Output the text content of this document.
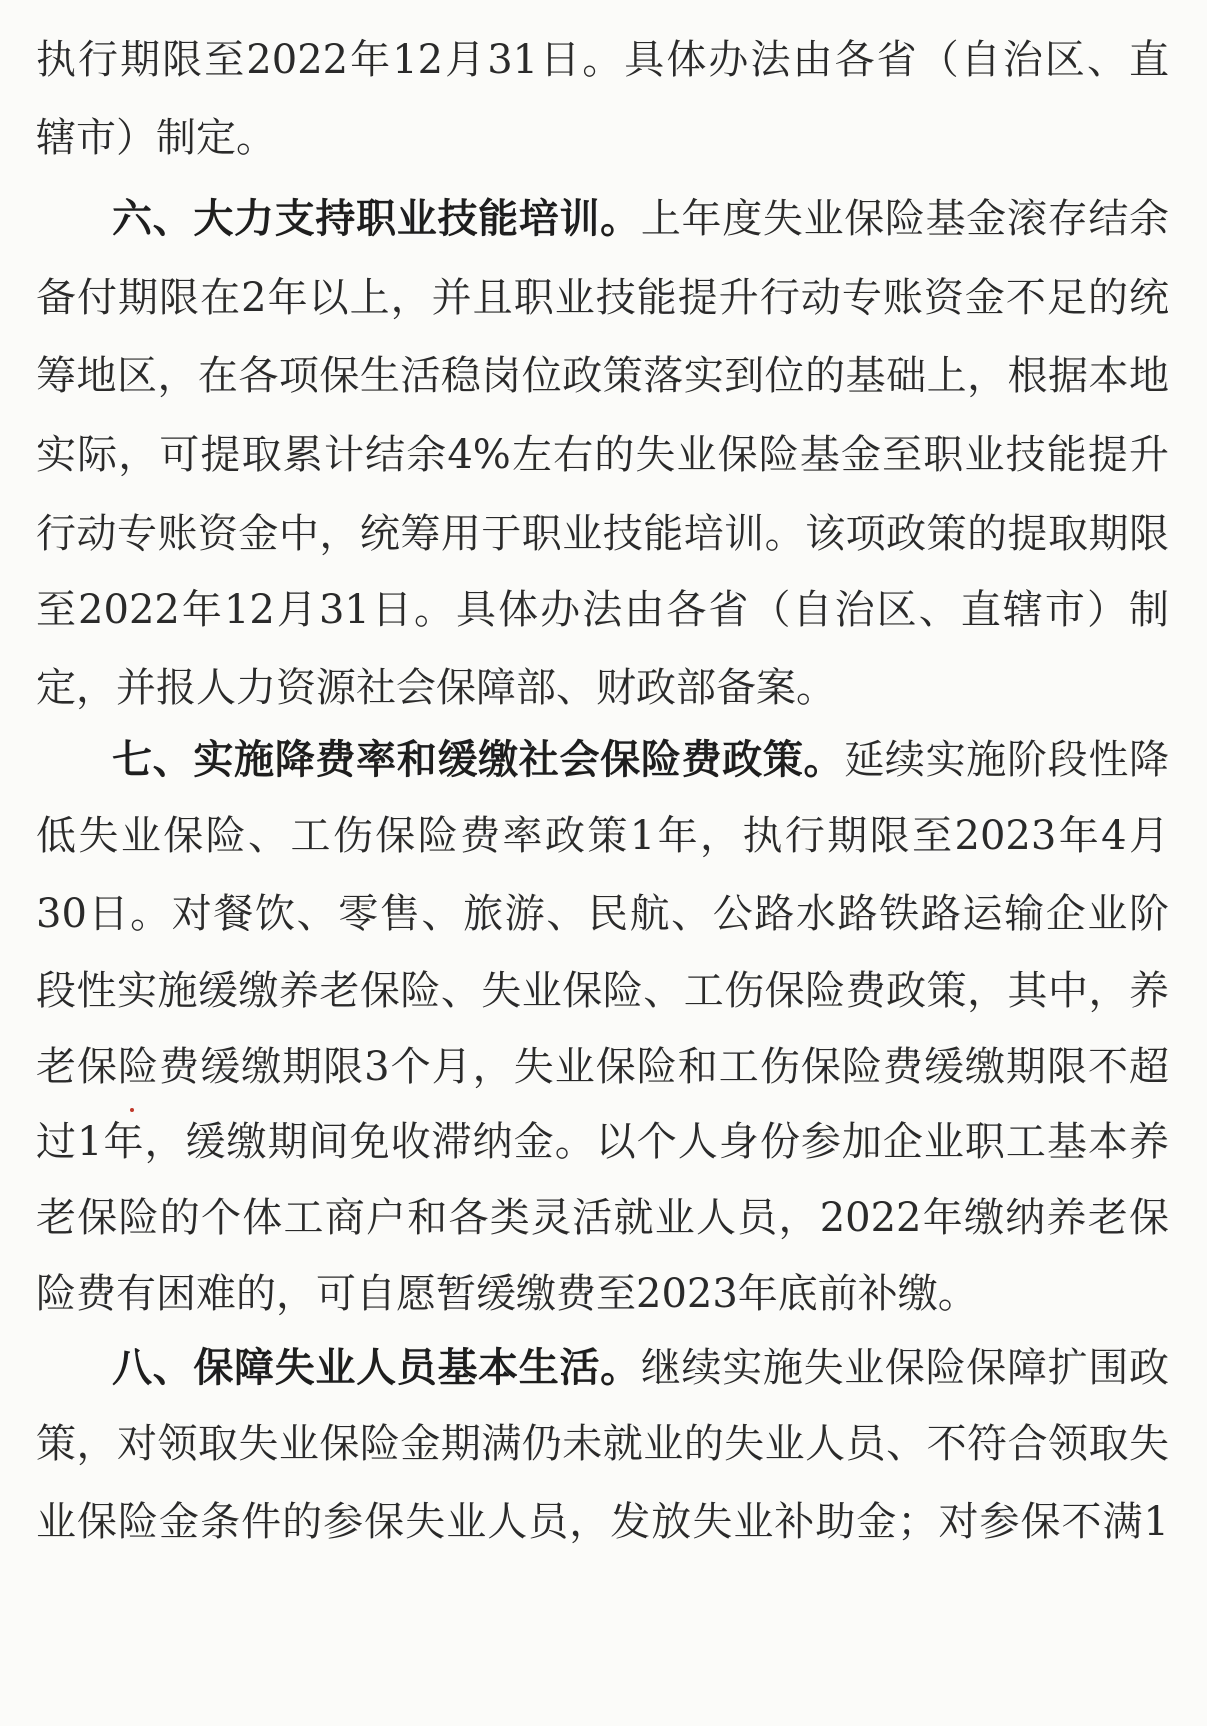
执行期限至2022年12月31日。具体办法由各省（自治区、直
辖市）制定。
六、大力支持职业技能培训。上年度失业保险基金滚存结余
备付期限在2年以上，并且职业技能提升行动专账资金不足的统
筹地区，在各项保生活稳岗位政策落实到位的基础上，根据本地
实际，可提取累计结余4%左右的失业保险基金至职业技能提升
行动专账资金中，统筹用于职业技能培训。该项政策的提取期限
至2022年12月31日。具体办法由各省（自治区、直辖市）制
定，并报人力资源社会保障部、财政部备案。
七、实施降费率和缓缴社会保险费政策。延续实施阶段性降
低失业保险、工伤保险费率政策1年，执行期限至2023年4月
30日。对餐饮、零售、旅游、民航、公路水路铁路运输企业阶
段性实施缓缴养老保险、失业保险、工伤保险费政策，其中，养
老保险费缓缴期限3个月，失业保险和工伤保险费缓缴期限不超
过1年，缓缴期间免收滞纳金。以个人身份参加企业职工基本养
老保险的个体工商户和各类灵活就业人员，2022年缴纳养老保
险费有困难的，可自愿暂缓缴费至2023年底前补缴。
八、保障失业人员基本生活。继续实施失业保险保障扩围政
策，对领取失业保险金期满仍未就业的失业人员、不符合领取失
业保险金条件的参保失业人员，发放失业补助金；对参保不满1
